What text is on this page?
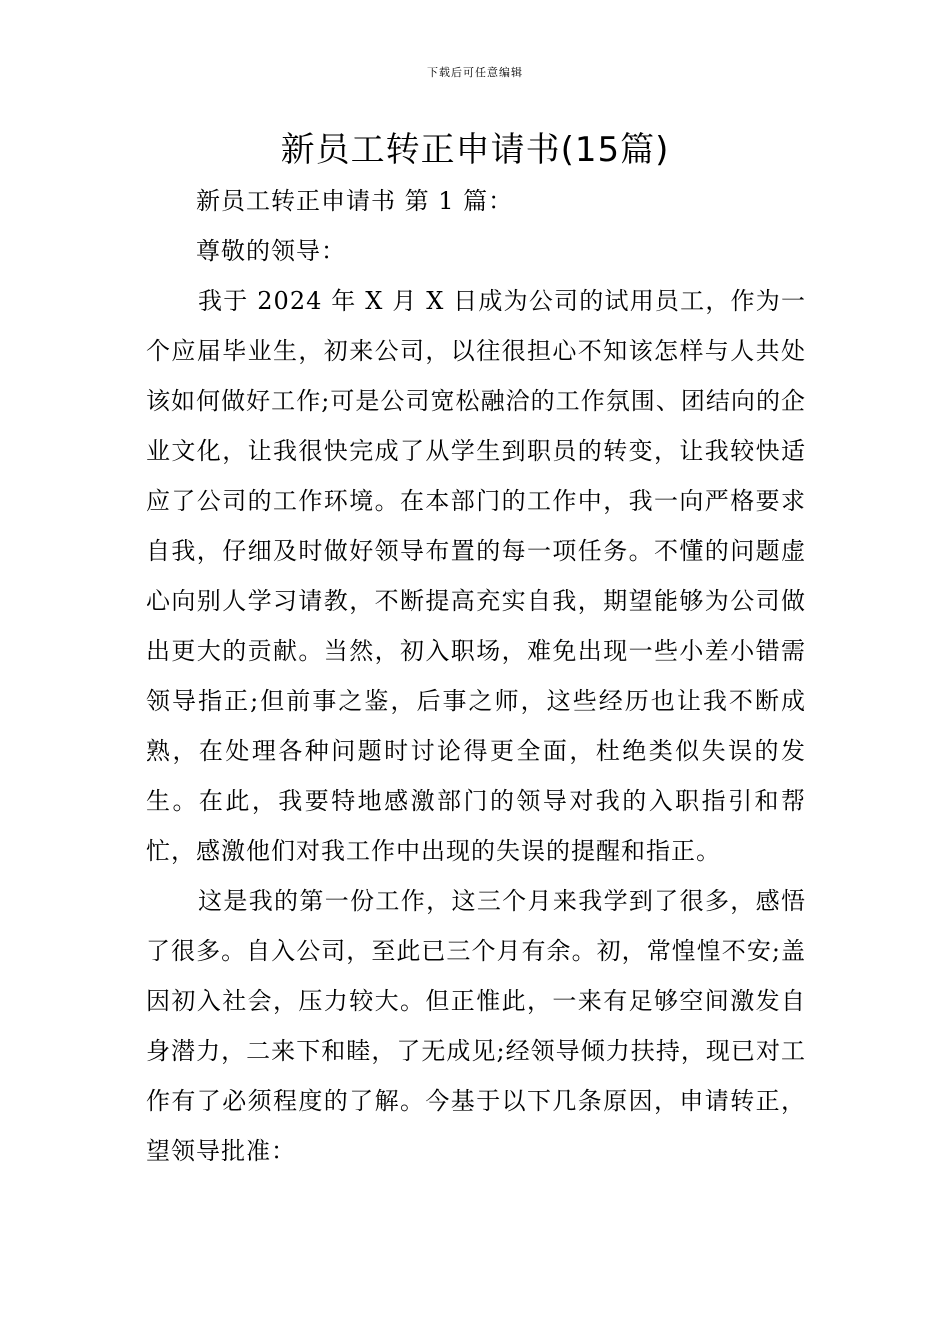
下载后可任意编辑
新员工转正申请书(15篇)

新员工转正申请书 第 1 篇：

尊敬的领导：

我于 2024 年 X 月 X 日成为公司的试用员工，作为一个应届毕业生，初来公司，以往很担心不知该怎样与人共处该如何做好工作;可是公司宽松融洽的工作氛围、团结向的企业文化，让我很快完成了从学生到职员的转变，让我较快适应了公司的工作环境。在本部门的工作中，我一向严格要求自我，仔细及时做好领导布置的每一项任务。不懂的问题虚心向别人学习请教，不断提高充实自我，期望能够为公司做出更大的贡献。当然，初入职场，难免出现一些小差小错需领导指正;但前事之鉴，后事之师，这些经历也让我不断成熟，在处理各种问题时讨论得更全面，杜绝类似失误的发生。在此，我要特地感激部门的领导对我的入职指引和帮忙，感激他们对我工作中出现的失误的提醒和指正。

这是我的第一份工作，这三个月来我学到了很多，感悟了很多。自入公司，至此已三个月有余。初，常惶惶不安;盖因初入社会，压力较大。但正惟此，一来有足够空间激发自身潜力，二来下和睦，了无成见;经领导倾力扶持，现已对工作有了必须程度的了解。今基于以下几条原因，申请转正，望领导批准：
